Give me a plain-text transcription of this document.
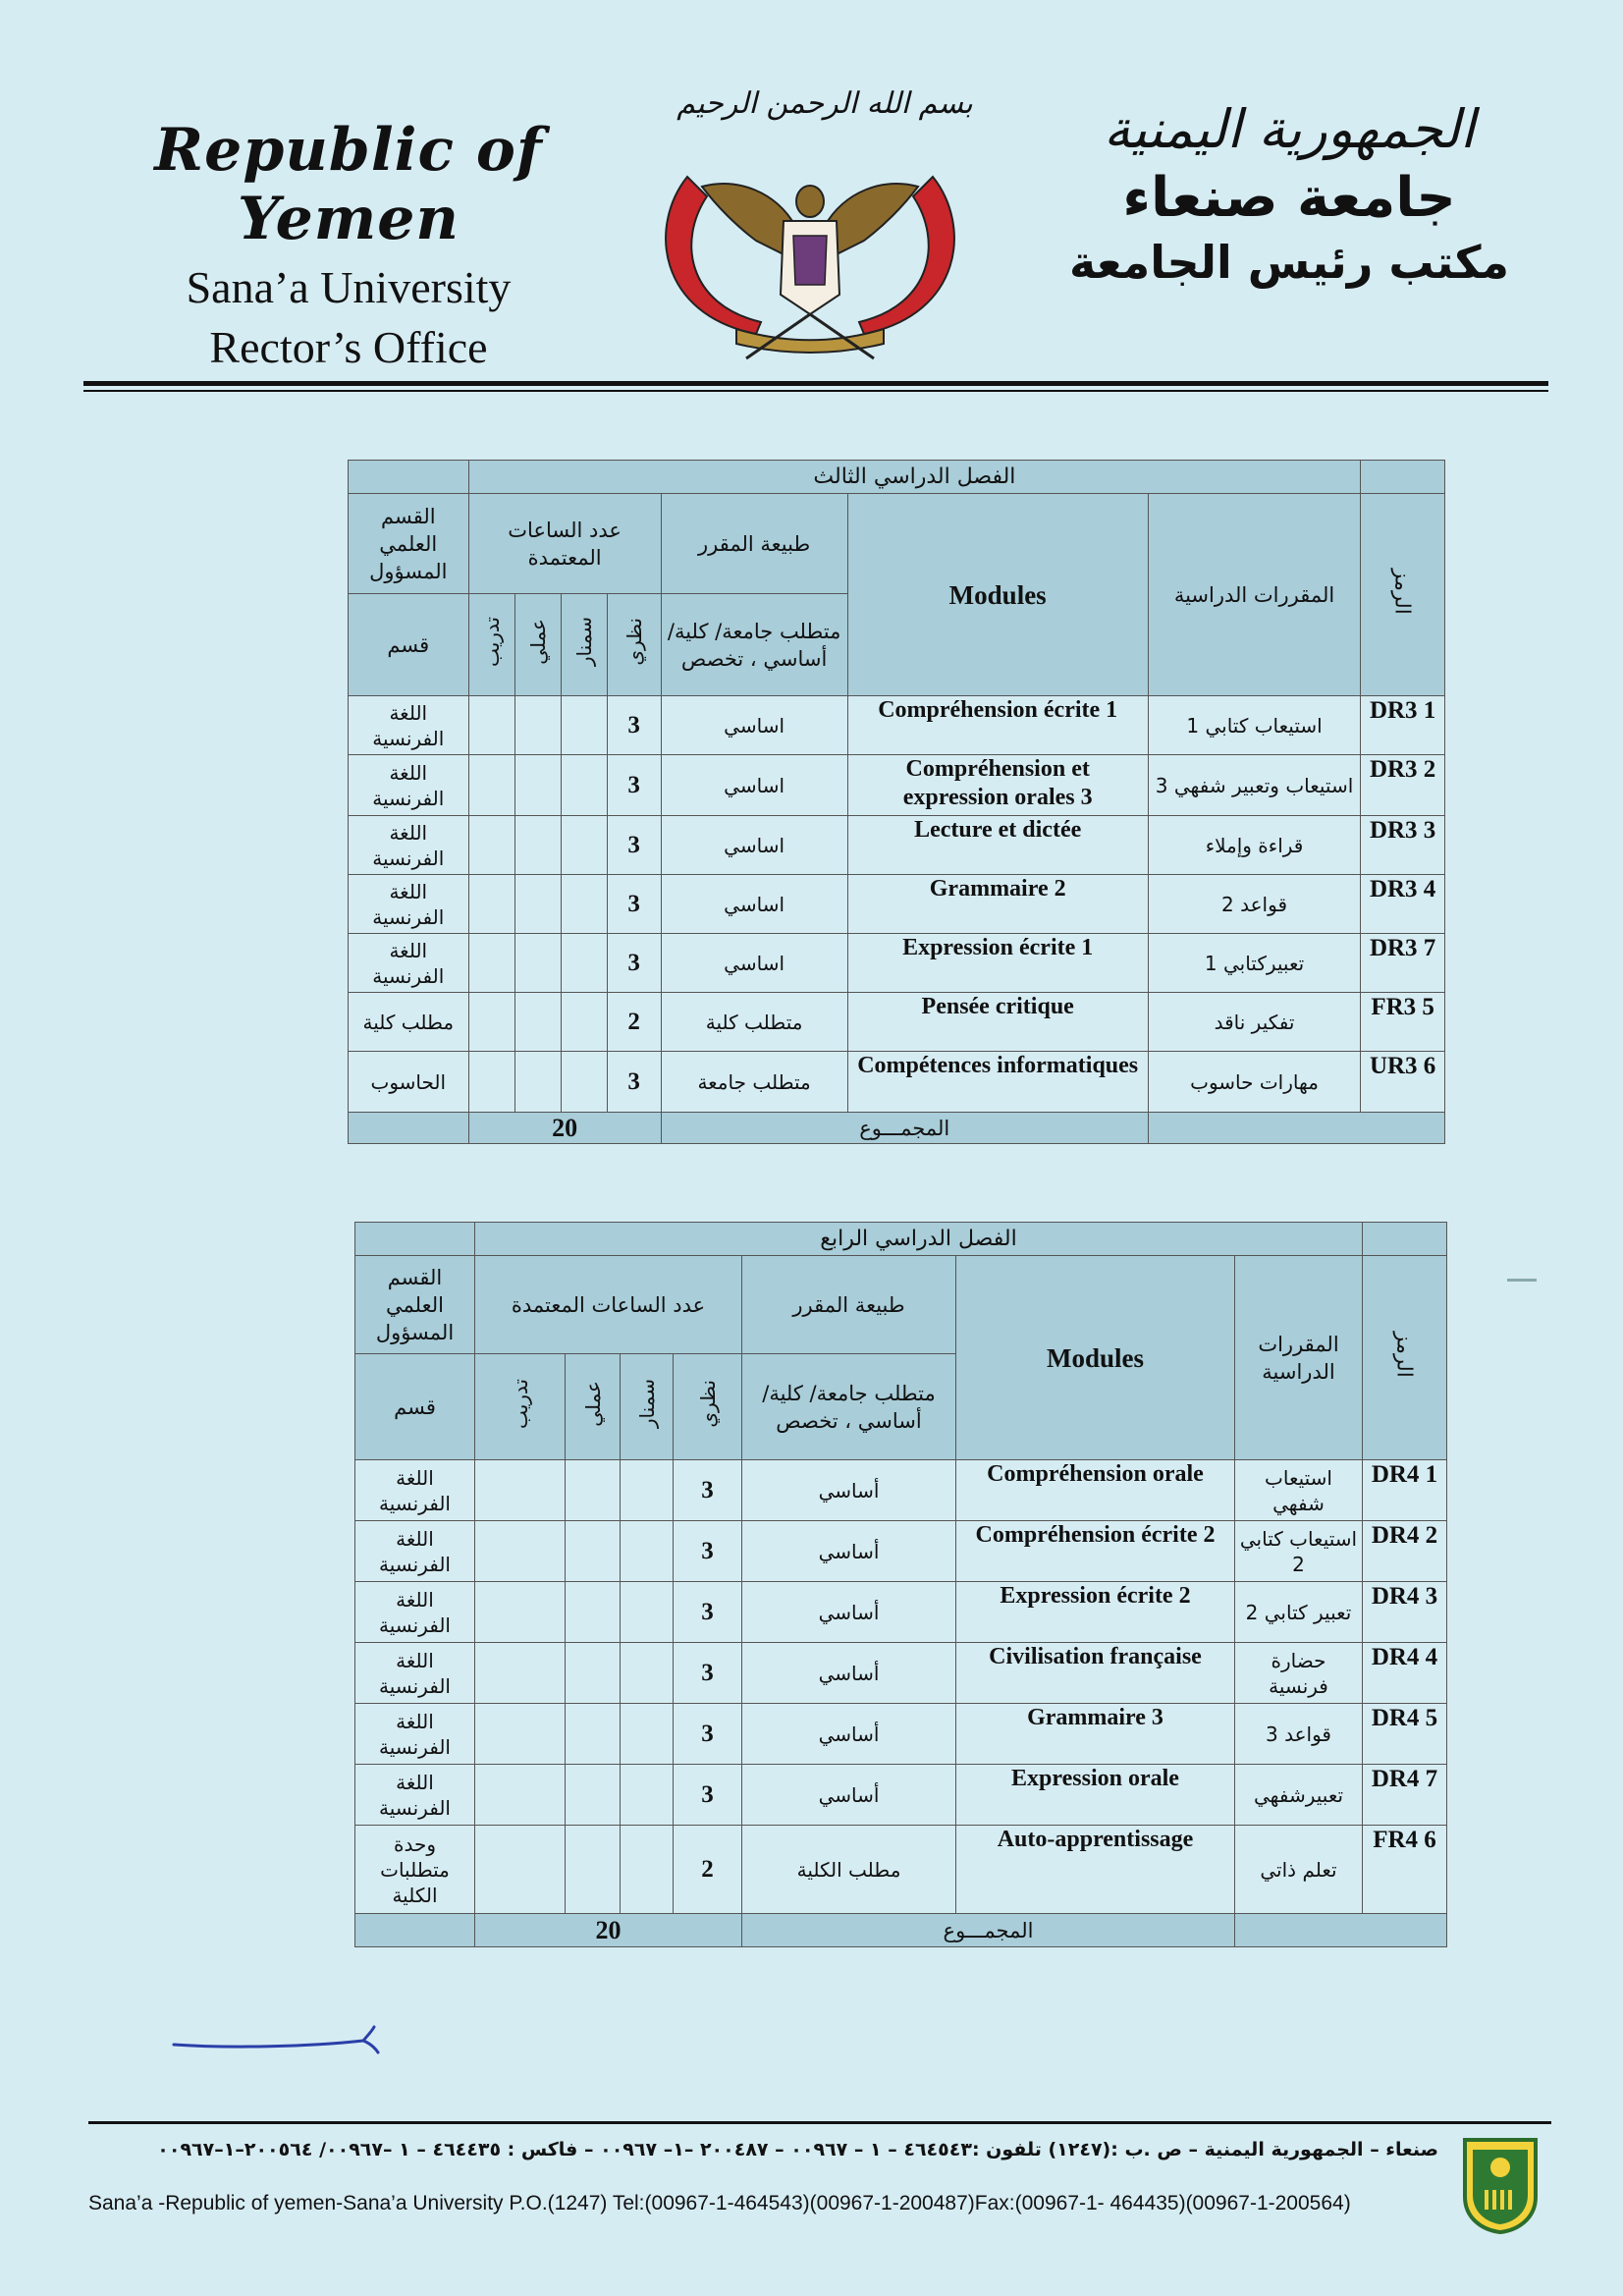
Republic of Yemen
Sana’a University
Rector’s Office
بسم الله الرحمن الرحيم	الجمهورية اليمنية
جامعة صنعاء
مكتب رئيس الجامعة
	الفصل الدراسي الثالث							
الرمز	المقررات الدراسية	Modules	طبيعة المقرر	عدد الساعات المعتمدة				القسم العلمي المسؤول
			متطلب جامعة/ كلية/ أساسي ، تخصص	نظري	سمنار	عملي	تدريب	قسم
DR3 1	استيعاب كتابي 1	Compréhension écrite 1	اساسي	3				اللغة الفرنسية
DR3 2	استيعاب وتعبير شفهي 3	Compréhension et expression orales 3	اساسي	3				اللغة الفرنسية
DR3 3	قراءة وإملاء	Lecture et dictée	اساسي	3				اللغة الفرنسية
DR3 4	قواعد 2	Grammaire 2	اساسي	3				اللغة الفرنسية
DR3 7	تعبيركتابي 1	Expression écrite 1	اساسي	3				اللغة الفرنسية
FR3 5	تفكير ناقد	Pensée critique	متطلب كلية	2				مطلب كلية
UR3 6	مهارات حاسوب	Compétences informatiques	متطلب جامعة	3				الحاسوب
		المجمـــوع		20				
	الفصل الدراسي الرابع							
الرمز	المقررات الدراسية	Modules	طبيعة المقرر	عدد الساعات المعتمدة				القسم العلمي المسؤول
			متطلب جامعة/ كلية/ أساسي ، تخصص	نظري	سمنار	عملي	تدريب	قسم
DR4 1	استيعاب شفهي	Compréhension orale	أساسي	3				اللغة الفرنسية
DR4 2	استيعاب كتابي 2	Compréhension écrite 2	أساسي	3				اللغة الفرنسية
DR4 3	تعبير كتابي 2	Expression écrite 2	أساسي	3				اللغة الفرنسية
DR4 4	حضارة فرنسية	Civilisation française	أساسي	3				اللغة الفرنسية
DR4 5	قواعد 3	Grammaire 3	أساسي	3				اللغة الفرنسية
DR4 7	تعبيرشفهي	Expression orale	أساسي	3				اللغة الفرنسية
FR4 6	تعلم ذاتي	Auto-apprentissage	مطلب الكلية	2				وحدة متطلبات الكلية
		المجمـــوع		20				
صنعاء – الجمهورية اليمنية – ص .ب :(١٢٤٧) تلفون :٤٦٤٥٤٣ – ١ – ٠٠٩٦٧ – ٢٠٠٤٨٧ –١– ٠٠٩٦٧ – فاكس : ٤٦٤٤٣٥ – ١ –٠٠٩٦٧/ ٢٠٠٥٦٤–١–٠٠٩٦٧
Sana’a -Republic of yemen-Sana’a University P.O.(1247) Tel:(00967-1-464543)(00967-1-200487)Fax:(00967-1- 464435)(00967-1-200564)
